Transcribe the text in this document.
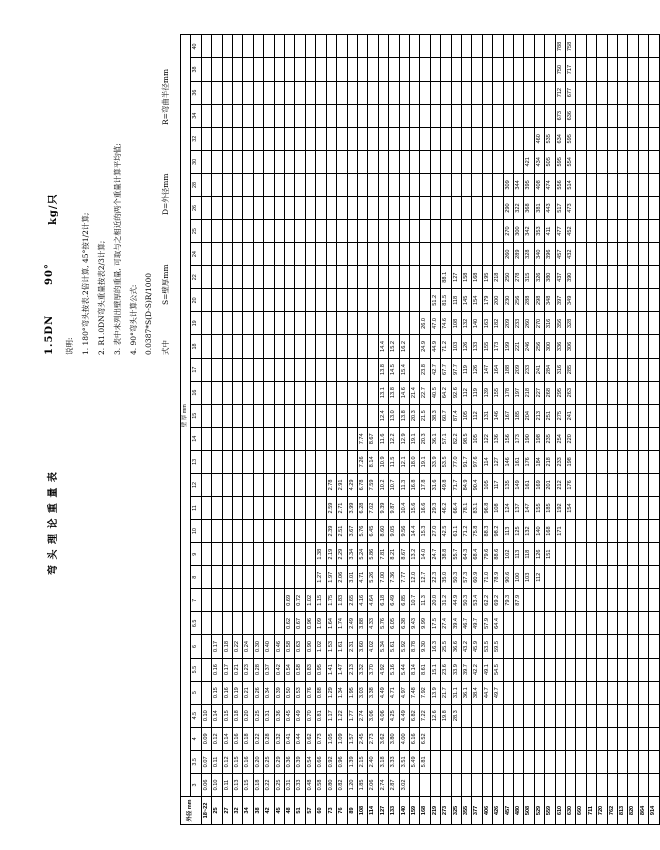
弯 头 理 论 重 量 表
1.5DN
90°
kg/只
说明: 1. 180°弯头按表.2倍计算, 45°按1/2计算; 2. R1.0DN弯头重量按表2/3计算; 3. 表中未列出壁厚的重量, 可取与之相近的两个重量计算平均值; 4. 90°弯头计算公式: 0.0387*S(D-S)R/1000 式中
S=壁厚mm
D=外径mm
R=弯曲半径mm
外径 mm	壁 厚 mm																																
	3	3.5	4	4.5	5	5.5	6	6.5	7	8	9	10	11	12	13	14	15	16	17	18	19	20	22	24	25	26	28	30	32	34	36	38	40
18~22	0.06	0.07	0.09	0.10																													
25	0.10	0.11	0.12	0.14	0.15	0.16	0.17																										
27	0.11	0.12	0.14	0.15	0.16	0.17	0.18																										
32	0.13	0.15	0.16	0.18	0.19	0.21	0.22																										
34	0.15	0.16	0.18	0.20	0.21	0.23	0.24																										
38	0.18	0.20	0.22	0.25	0.26	0.28	0.30																										
42	0.22	0.25	0.28	0.31	0.34	0.37	0.40																										
45	0.25	0.29	0.32	0.36	0.39	0.42	0.46																										
48	0.31	0.36	0.41	0.45	0.50	0.54	0.58	0.62	0.69																								
51	0.33	0.39	0.44	0.49	0.53	0.58	0.63	0.67	0.72																								
57	0.48	0.54	0.62	0.70	0.76	0.83	0.90	0.96	1.02																								
60	0.58	0.66	0.73	0.81	0.88	0.95	1.02	1.09	1.15	1.27	1.38																						
73	0.80	0.92	1.05	1.17	1.29	1.41	1.53	1.64	1.75	1.97	2.19	2.39	2.59	2.78																			
76	0.82	0.96	1.09	1.22	1.34	1.47	1.61	1.74	1.83	2.06	2.29	2.51	2.71	2.91																			
89	1.20	1.39	1.57	1.77	1.95	2.13	2.31	2.49	2.65	3.01	3.34	3.67	3.99	4.29																			
108	1.85	2.15	2.45	2.74	3.03	3.32	3.60	3.88	4.16	4.71	5.24	5.76	6.28	6.78	7.26	7.74																	
114	2.06	2.40	2.73	3.06	3.38	3.70	4.02	4.33	4.64	5.26	5.86	6.45	7.02	7.59	8.14	8.67																	
127	2.74	3.18	3.62	4.06	4.49	4.92	5.34	5.76	6.18	7.00	7.81	8.60	9.39	10.2	10.9	11.6	12.4	13.1	13.8	14.4													
133	2.87	3.33	3.80	4.25	4.71	5.16	5.61	6.05	6.49	7.36	8.21	9.05	9.87	10.7	11.5	12.2	13.0	13.8	14.5	15.2													
140	3.02	3.51	4.00	4.49	4.97	5.44	5.92	6.38	6.85	7.77	8.67	9.56	10.4	11.3	12.1	12.9	13.8	14.6	15.4	16.2													
159		5.49	6.16	6.82	7.48	8.14	8.78	9.43	10.7	12.0	13.2	14.4	15.6	16.8	18.0	19.1	20.3	21.4															
168		5.81	6.52	7.22	7.92	8.61	9.30	9.99	11.3	12.7	14.0	15.3	16.6	17.8	19.1	20.3	21.5	22.7	23.8	24.9	26.0												
219				12.6	13.9	15.1	16.3	17.5	20.0	22.3	24.7	27.0	29.3	31.6	33.9	36.1	38.3	40.5	42.7	44.9	47.0	51.2											
273				19.8	21.7	23.6	25.5	27.4	31.2	35.0	38.8	42.5	46.2	49.8	53.5	57.1	60.7	64.2	67.7	71.2	74.6	81.5	88.1										
325				28.3	31.1	33.9	36.6	39.4	44.9	50.3	55.7	61.1	66.4	71.7	77.0	82.2	87.4	92.6	97.7	103	108	118	127										
355					36.1	39.7	43.2	46.7	50.3	57.3	64.3	71.2	78.1	84.9	91.7	98.5	105	112	119	126	132	145	158										
377					38.4	42.2	45.9	49.7	53.4	60.9	68.4	75.8	83.1	90.4	97.6	105	112	119	126	133	140	154	168										
406					44.7	49.1	53.5	57.9	62.2	71.0	79.6	88.3	96.8	105	114	122	131	139	147	155	163	179	195										
426					49.7	54.5	59.5	64.4	69.2	78.9	88.6	98.2	108	117	127	136	146	155	164	173	182	200	218										
457									79.3	90.6	102	113	124	135	146	156	167	178	188	199	209	230	250	260	270	290	309						
480									87.9	100	113	125	137	149	161	173	185	197	209	221	233	256	278	289	300	322	344						
508										103	118	132	147	161	176	190	204	218	233	246	260	288	315	328	342	368	395	421					
529										112	126	140	155	169	184	198	213	227	241	256	270	298	326	340	353	381	408	434	460				
559											151	168	185	201	218	235	251	268	284	300	316	348	380	396	411	443	474	505	535				
610												171	192	212	233	254	275	295	316	336	356	397	437	457	477	517	556	595	634	673	712	750	788
630													154	176	198	220	241	263	285	306	328	349	390	432	452	473	514	554	595	636	677	717	758
660																																	
711																																	
720																																	
762																																	
813																																	
820																																	
864																																	
914																																	
